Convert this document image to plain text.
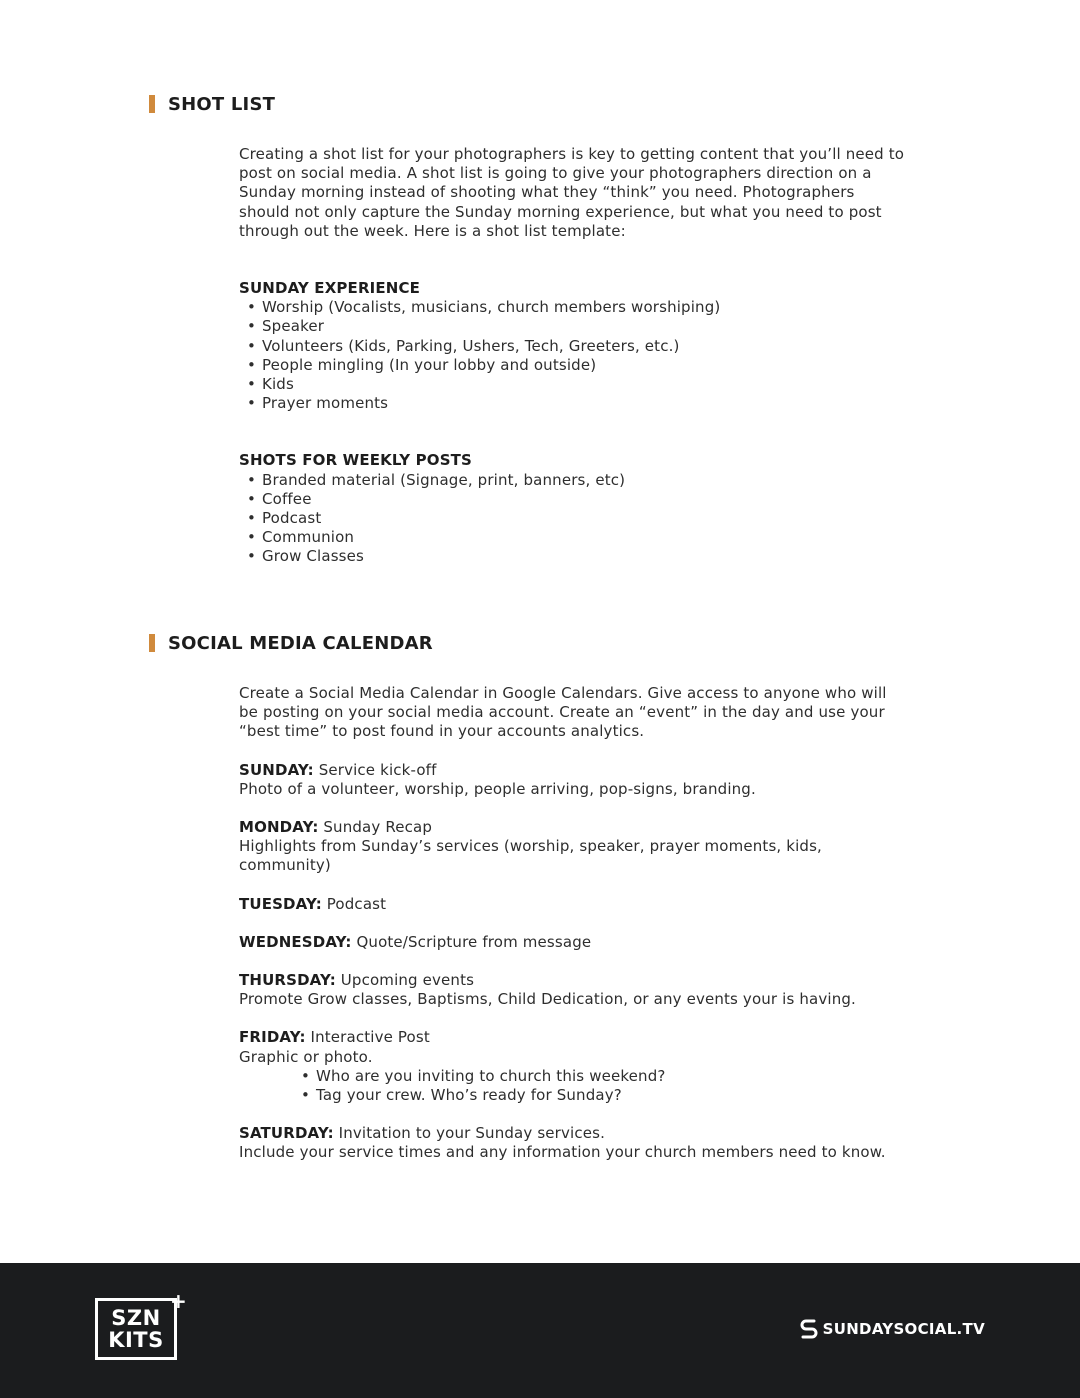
SHOT LIST

Creating a shot list for your photographers is key to getting content that you’ll need to post on social media. A shot list is going to give your photographers direction on a Sunday morning instead of shooting what they “think” you need. Photographers should not only capture the Sunday morning experience, but what you need to post through out the week. Here is a shot list template:

SUNDAY EXPERIENCE

• Worship (Vocalists, musicians, church members worshiping)
• Speaker
• Volunteers (Kids, Parking, Ushers, Tech, Greeters, etc.)
• People mingling (In your lobby and outside)
• Kids
• Prayer moments

SHOTS FOR WEEKLY POSTS

• Branded material (Signage, print, banners, etc)
• Coffee
• Podcast
• Communion
• Grow Classes
SOCIAL MEDIA CALENDAR

Create a Social Media Calendar in Google Calendars. Give access to anyone who will be posting on your social media account. Create an “event” in the day and use your “best time” to post found in your accounts analytics.

SUNDAY: Service kick-off

Photo of a volunteer, worship, people arriving, pop-signs, branding.

MONDAY: Sunday Recap

Highlights from Sunday’s services (worship, speaker, prayer moments, kids, community)

TUESDAY: Podcast

WEDNESDAY: Quote/Scripture from message

THURSDAY: Upcoming events

Promote Grow classes, Baptisms, Child Dedication, or any events your is having.

FRIDAY: Interactive Post

Graphic or photo.

• Who are you inviting to church this weekend?
• Tag your crew. Who’s ready for Sunday?

SATURDAY: Invitation to your Sunday services.

Include your service times and any information your church members need to know.

SZN
KITS
+
SUNDAYSOCIAL.TV
